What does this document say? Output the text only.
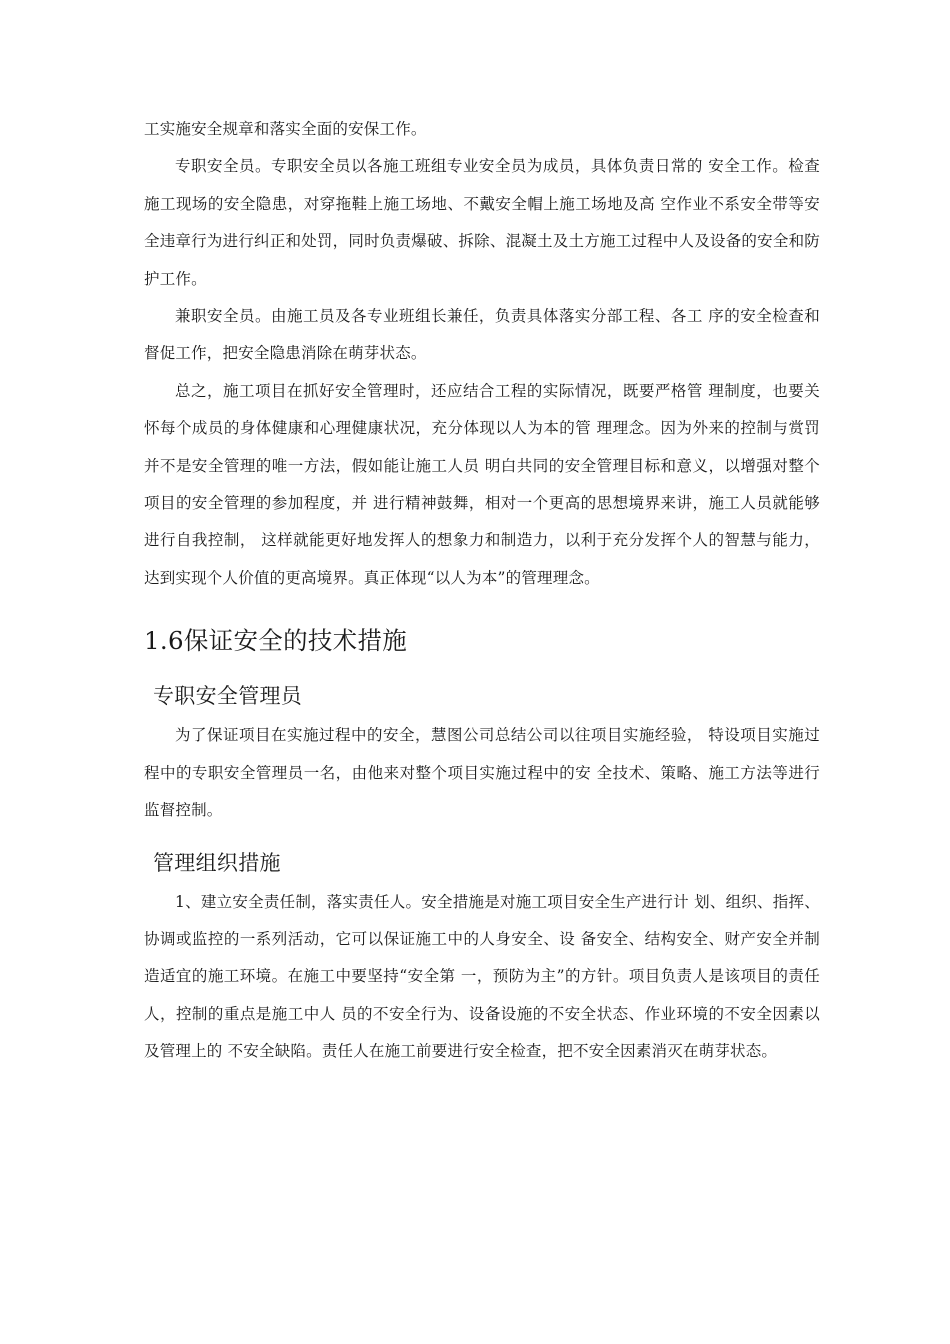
工实施安全规章和落实全面的安保工作。

专职安全员。专职安全员以各施工班组专业安全员为成员，具体负责日常的 安全工作。检查施工现场的安全隐患，对穿拖鞋上施工场地、不戴安全帽上施工场地及高 空作业不系安全带等安全违章行为进行纠正和处罚，同时负责爆破、拆除、混凝土及土方施工过程中人及设备的安全和防护工作。

兼职安全员。由施工员及各专业班组长兼任，负责具体落实分部工程、各工 序的安全检查和督促工作，把安全隐患消除在萌芽状态。

总之，施工项目在抓好安全管理时，还应结合工程的实际情况，既要严格管 理制度，也要关怀每个成员的身体健康和心理健康状况，充分体现以人为本的管 理理念。因为外来的控制与赏罚并不是安全管理的唯一方法，假如能让施工人员 明白共同的安全管理目标和意义，以增强对整个项目的安全管理的参加程度，并 进行精神鼓舞，相对一个更高的思想境界来讲，施工人员就能够进行自我控制， 这样就能更好地发挥人的想象力和制造力，以利于充分发挥个人的智慧与能力， 达到实现个人价值的更高境界。真正体现“以人为本”的管理理念。

1.6保证安全的技术措施
专职安全管理员

为了保证项目在实施过程中的安全，慧图公司总结公司以往项目实施经验， 特设项目实施过程中的专职安全管理员一名，由他来对整个项目实施过程中的安 全技术、策略、施工方法等进行监督控制。

管理组织措施

1、建立安全责任制，落实责任人。安全措施是对施工项目安全生产进行计 划、组织、指挥、协调或监控的一系列活动，它可以保证施工中的人身安全、设 备安全、结构安全、财产安全并制造适宜的施工环境。在施工中要坚持“安全第 一，预防为主”的方针。项目负责人是该项目的责任人，控制的重点是施工中人 员的不安全行为、设备设施的不安全状态、作业环境的不安全因素以及管理上的 不安全缺陷。责任人在施工前要进行安全检查，把不安全因素消灭在萌芽状态。
